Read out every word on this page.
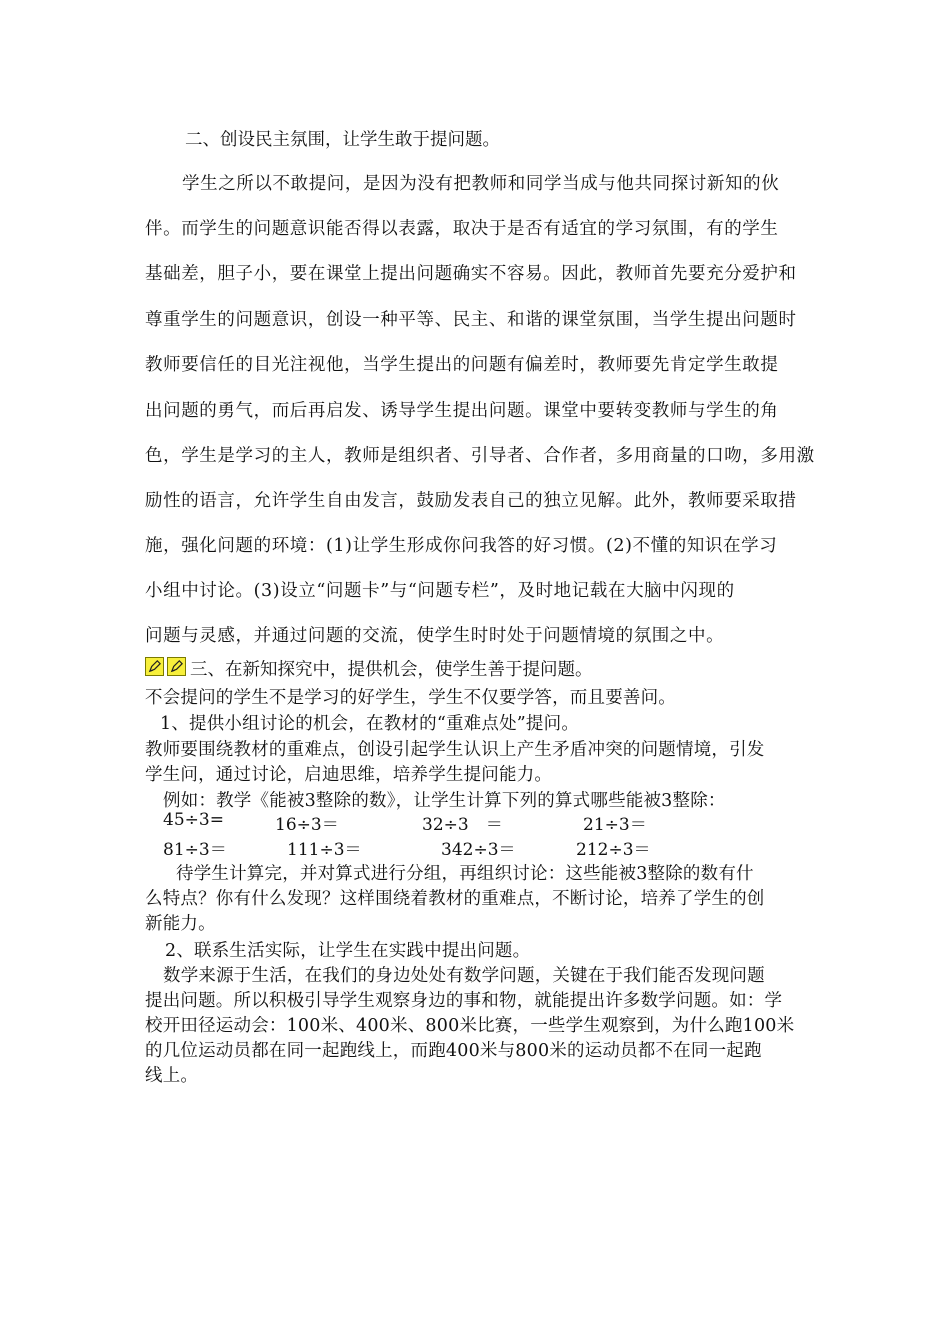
二、创设民主氛围，让学生敢于提问题。
学生之所以不敢提问，是因为没有把教师和同学当成与他共同探讨新知的伙
伴。而学生的问题意识能否得以表露，取决于是否有适宜的学习氛围，有的学生
基础差，胆子小，要在课堂上提出问题确实不容易。因此，教师首先要充分爱护和
尊重学生的问题意识，创设一种平等、民主、和谐的课堂氛围，当学生提出问题时
教师要信任的目光注视他，当学生提出的问题有偏差时，教师要先肯定学生敢提
出问题的勇气，而后再启发、诱导学生提出问题。课堂中要转变教师与学生的角
色，学生是学习的主人，教师是组织者、引导者、合作者，多用商量的口吻，多用激
励性的语言，允许学生自由发言，鼓励发表自己的独立见解。此外，教师要采取措
施，强化问题的环境：(1)让学生形成你问我答的好习惯。(2)不懂的知识在学习
小组中讨论。(3)设立“问题卡”与“问题专栏”，及时地记载在大脑中闪现的
问题与灵感，并通过问题的交流，使学生时时处于问题情境的氛围之中。
三、在新知探究中，提供机会，使学生善于提问题。
不会提问的学生不是学习的好学生，学生不仅要学答，而且要善问。
1、提供小组讨论的机会，在教材的“重难点处”提问。
教师要围绕教材的重难点，创设引起学生认识上产生矛盾冲突的问题情境，引发
学生问，通过讨论，启迪思维，培养学生提问能力。
例如：教学《能被3整除的数》，让学生计算下列的算式哪些能被3整除：
45÷3=	16÷3＝	32÷3　＝	21÷3＝
81÷3＝	111÷3＝	342÷3＝	212÷3＝
待学生计算完，并对算式进行分组，再组织讨论：这些能被3整除的数有什
么特点？你有什么发现？这样围绕着教材的重难点，不断讨论，培养了学生的创
新能力。
2、联系生活实际，让学生在实践中提出问题。
数学来源于生活，在我们的身边处处有数学问题，关键在于我们能否发现问题
提出问题。所以积极引导学生观察身边的事和物，就能提出许多数学问题。如：学
校开田径运动会：100米、400米、800米比赛，一些学生观察到，为什么跑100米
的几位运动员都在同一起跑线上，而跑400米与800米的运动员都不在同一起跑
线上。
